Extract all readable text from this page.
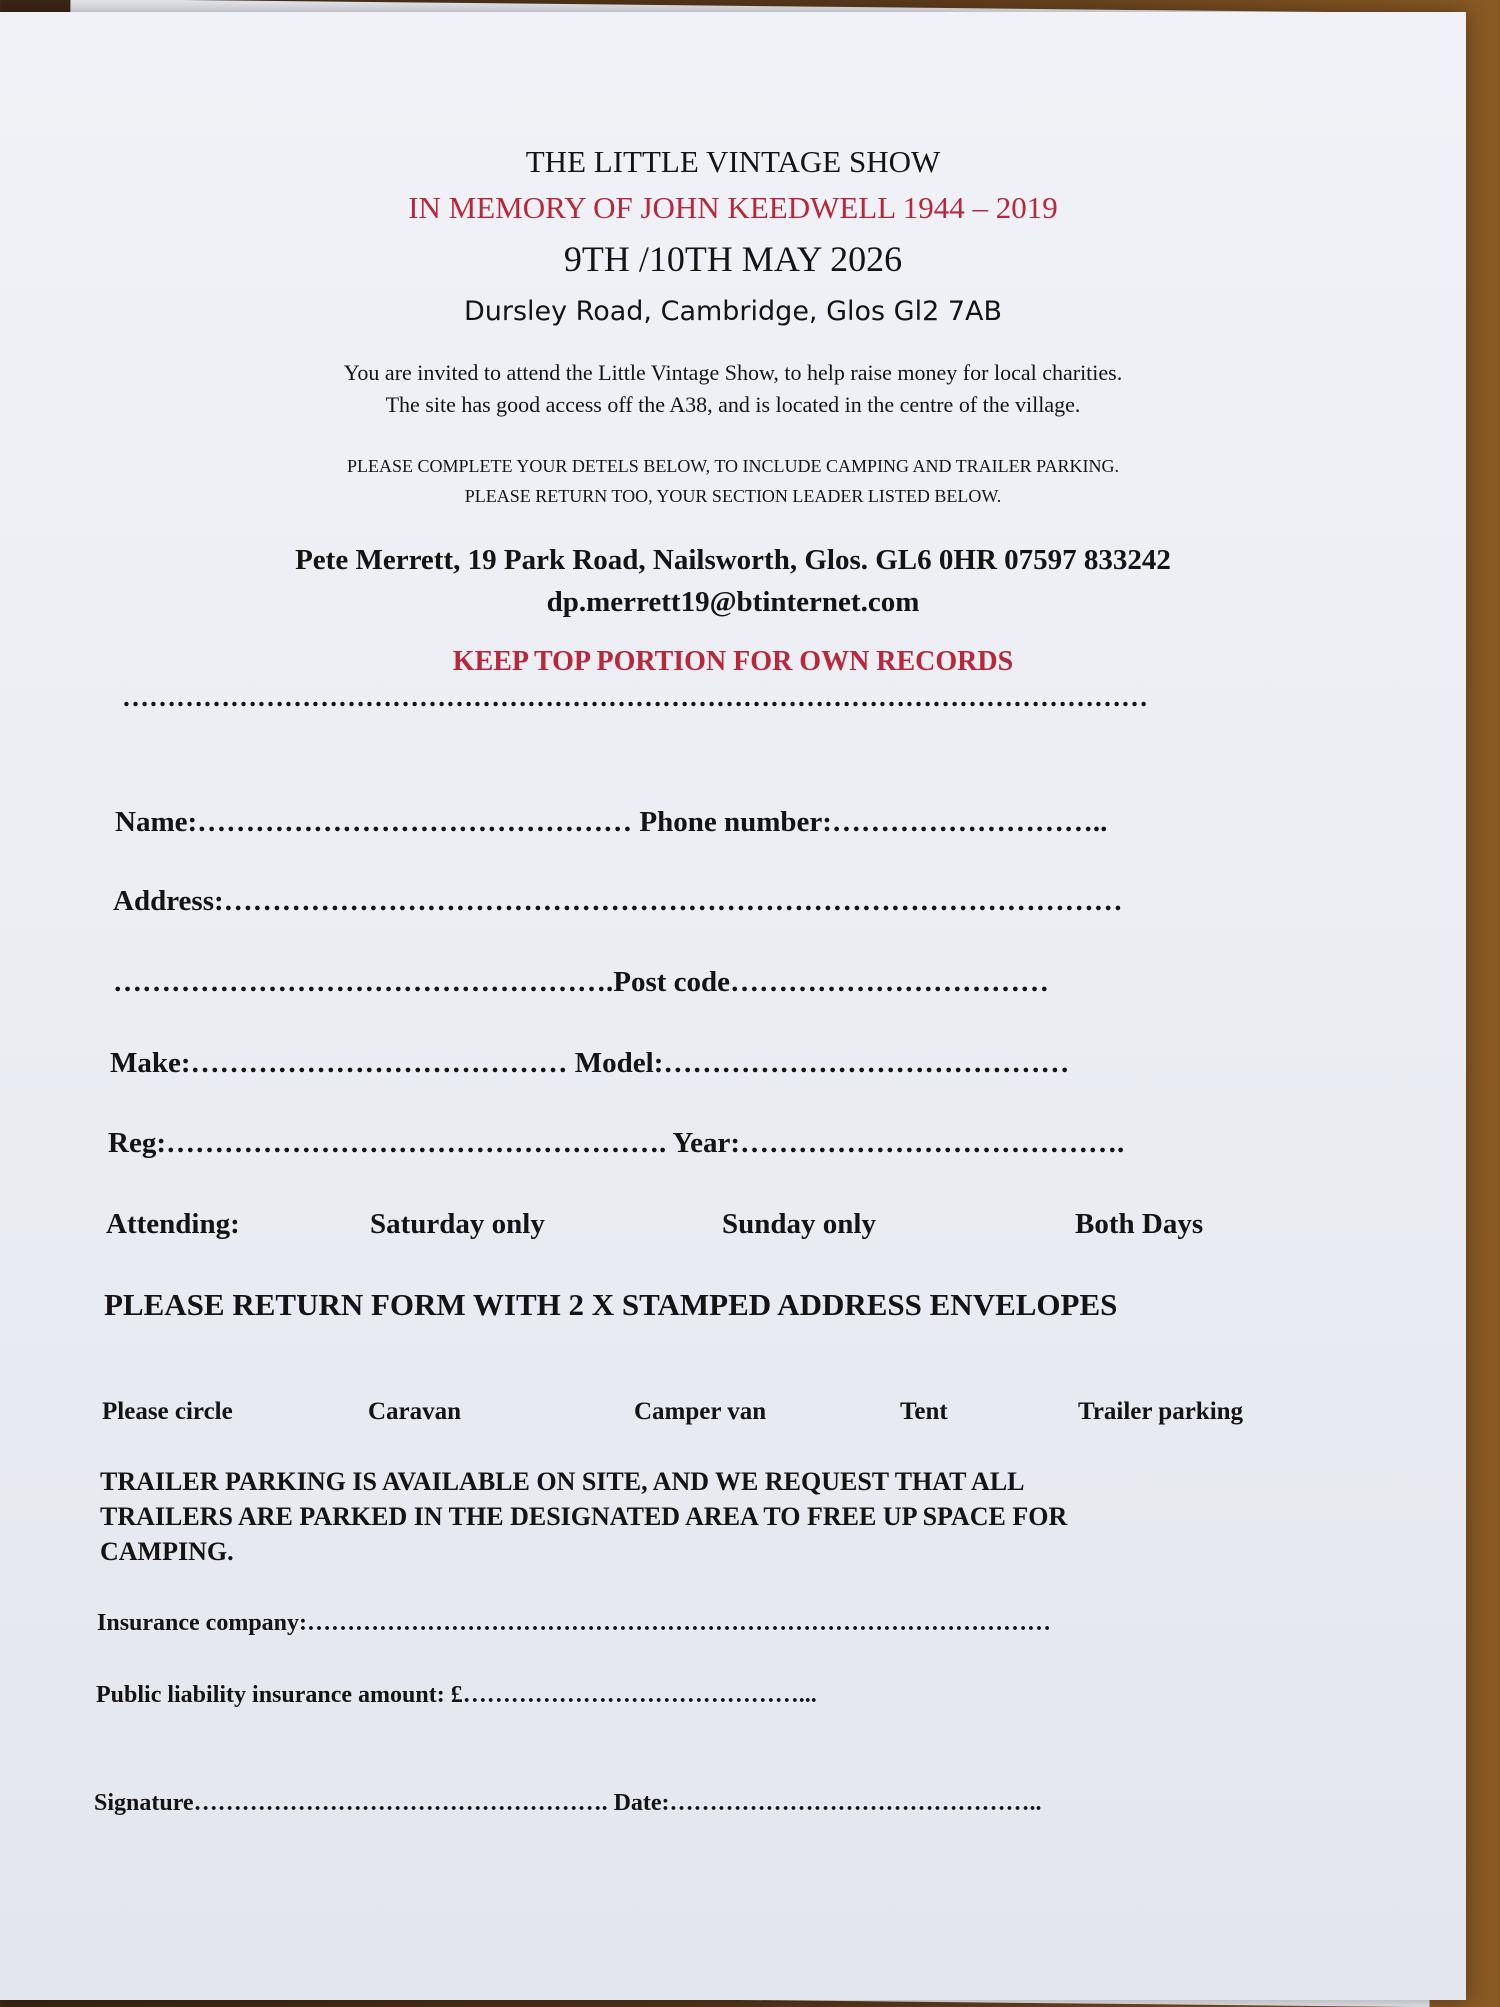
THE LITTLE VINTAGE SHOW
IN MEMORY OF JOHN KEEDWELL 1944 – 2019
9TH /10TH MAY 2026
Dursley Road, Cambridge, Glos Gl2 7AB
You are invited to attend the Little Vintage Show, to help raise money for local charities.
The site has good access off the A38, and is located in the centre of the village.
PLEASE COMPLETE YOUR DETELS BELOW, TO INCLUDE CAMPING AND TRAILER PARKING.
PLEASE RETURN TOO, YOUR SECTION LEADER LISTED BELOW.
Pete Merrett, 19 Park Road, Nailsworth, Glos. GL6 0HR 07597 833242
dp.merrett19@btinternet.com
KEEP TOP PORTION FOR OWN RECORDS
……………………………………………………………………………………………………
Name:……………………………………… Phone number:………………………..
Address:…………………………………………………………………………………
…………………………………………….Post code……………………………
Make:………………………………… Model:……………………………………
Reg:……………………………………………. Year:………………………………….
Attending:	Saturday only	Sunday only	Both Days
PLEASE RETURN FORM WITH 2 X STAMPED ADDRESS ENVELOPES
Please circle	Caravan	Camper van	Tent	Trailer parking
TRAILER PARKING IS AVAILABLE ON SITE, AND WE REQUEST THAT ALL
TRAILERS ARE PARKED IN THE DESIGNATED AREA TO FREE UP SPACE FOR
CAMPING.
Insurance company:…………………………………………………………………………………
Public liability insurance amount: £……………………………………...
Signature……………………………………………. Date:………………………………………..
